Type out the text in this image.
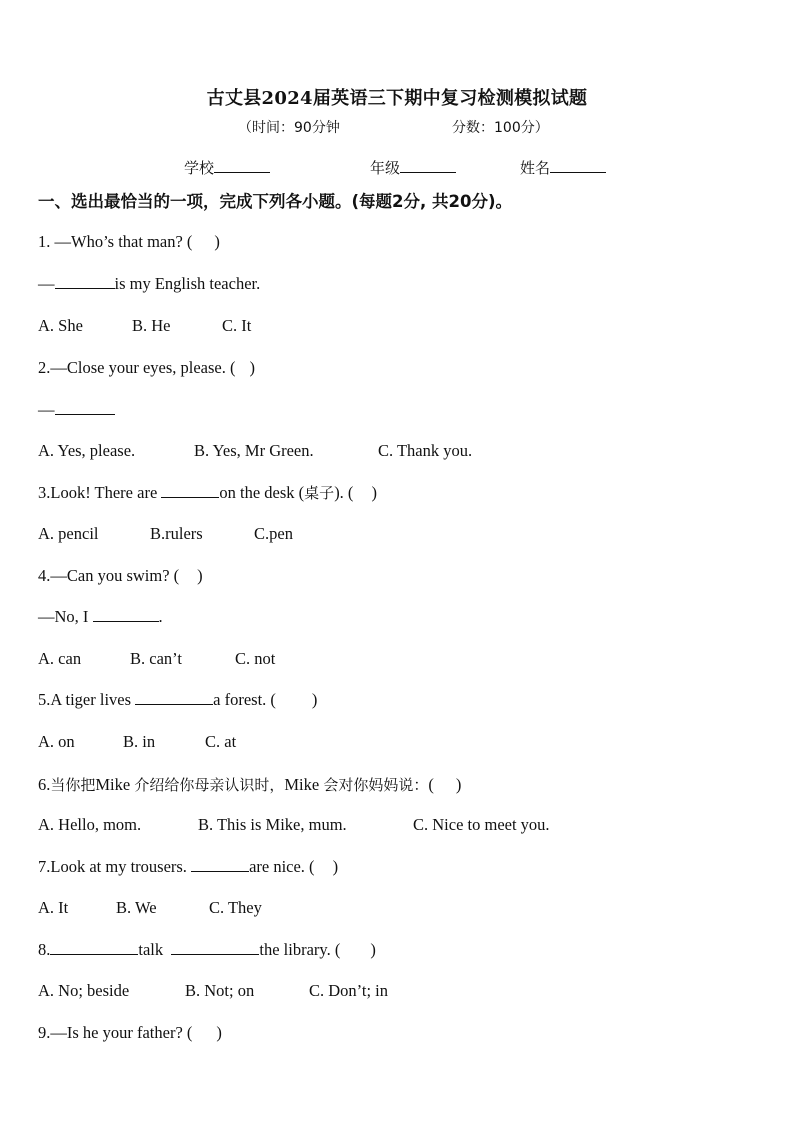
古丈县2024届英语三下期中复习检测模拟试题
（时间：90分钟	分数：100分）
学校	年级	姓名
一、选出最恰当的一项，完成下列各小题。(每题2分, 共20分)。
1. —Who’s that man? ( )
—	is my English teacher.
A. She	B. He	C. It
2.—Close your eyes, please. ( )
—
A. Yes, please.	B. Yes, Mr Green.	C. Thank you.
3.Look! There are	on the desk (桌子). ( )
A. pencil	B.rulers	C.pen
4.—Can you swim? ( )
—No, I	.
A. can	B. can’t	C. not
5.A tiger lives	a forest. ( )
A. on	B. in	C. at
6.当你把Mike 介绍给你母亲认识时，Mike 会对你妈妈说：( )
A. Hello, mom.	B. This is Mike, mum.	C. Nice to meet you.
7.Look at my trousers.	are nice. ( )
A. It	B. We	C. They
8.	talk	the library. ( )
A. No; beside	B. Not; on	C. Don’t; in
9.—Is he your father? ( )
